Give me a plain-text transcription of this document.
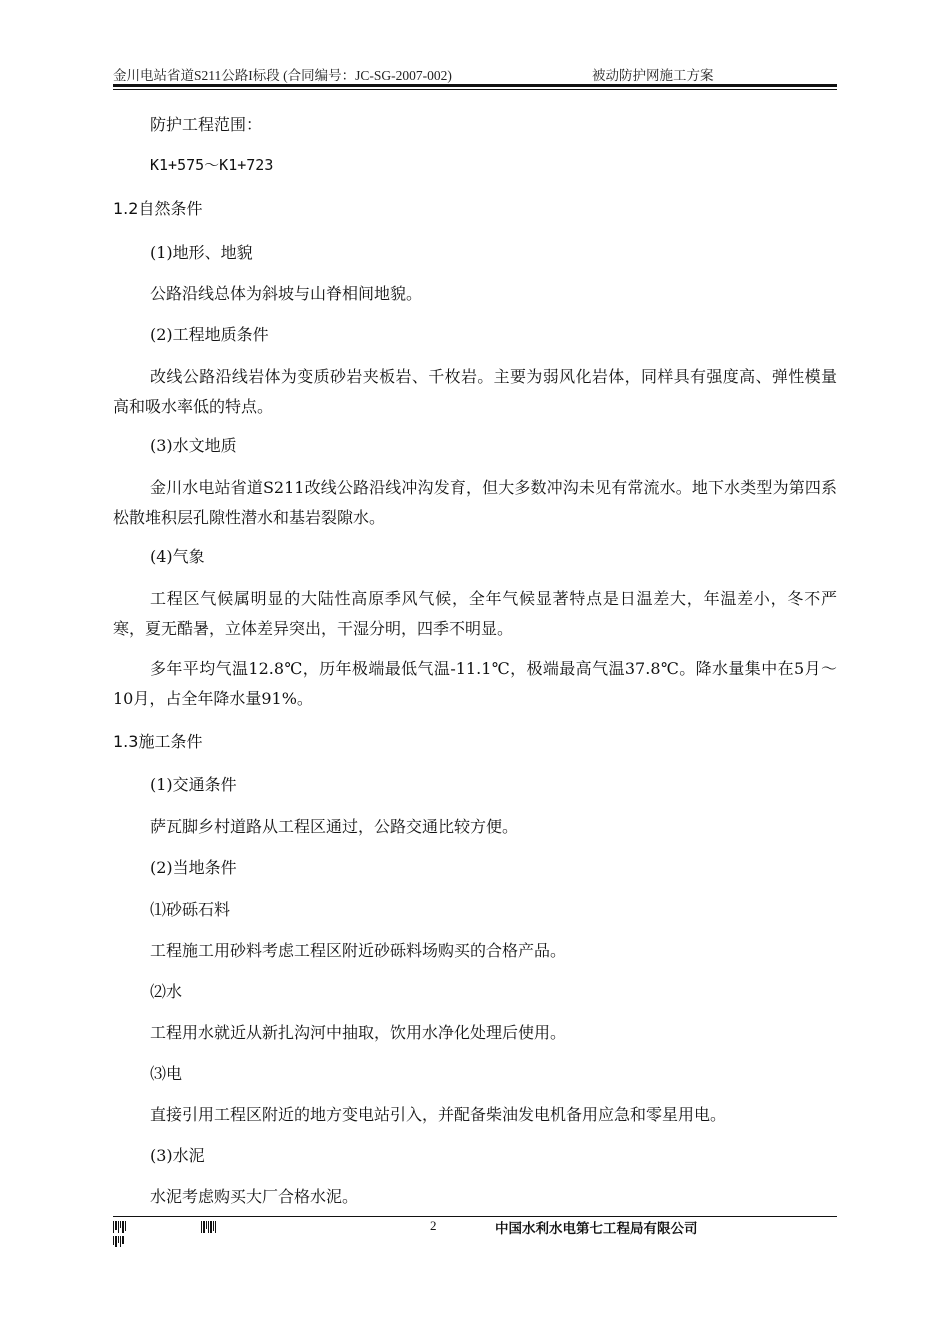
金川电站省道S211公路I标段 (合同编号：JC-SG-2007-002)	被动防护网施工方案

防护工程范围：

K1+575～K1+723

1.2自然条件

(1)地形、地貌

公路沿线总体为斜坡与山脊相间地貌。

(2)工程地质条件

改线公路沿线岩体为变质砂岩夹板岩、千枚岩。主要为弱风化岩体，同样具有强度高、弹性模量高和吸水率低的特点。

(3)水文地质

金川水电站省道S211改线公路沿线冲沟发育，但大多数冲沟未见有常流水。地下水类型为第四系松散堆积层孔隙性潜水和基岩裂隙水。

(4)气象

工程区气候属明显的大陆性高原季风气候，全年气候显著特点是日温差大，年温差小，冬不严寒，夏无酷暑，立体差异突出，干湿分明，四季不明显。

多年平均气温12.8℃，历年极端最低气温-11.1℃，极端最高气温37.8℃。降水量集中在5月～10月，占全年降水量91%。

1.3施工条件

(1)交通条件

萨瓦脚乡村道路从工程区通过，公路交通比较方便。

(2)当地条件

⑴砂砾石料

工程施工用砂料考虑工程区附近砂砾料场购买的合格产品。

⑵水

工程用水就近从新扎沟河中抽取，饮用水净化处理后使用。

⑶电

直接引用工程区附近的地方变电站引入，并配备柴油发电机备用应急和零星用电。

(3)水泥

水泥考虑购买大厂合格水泥。

2	中国水利水电第七工程局有限公司
